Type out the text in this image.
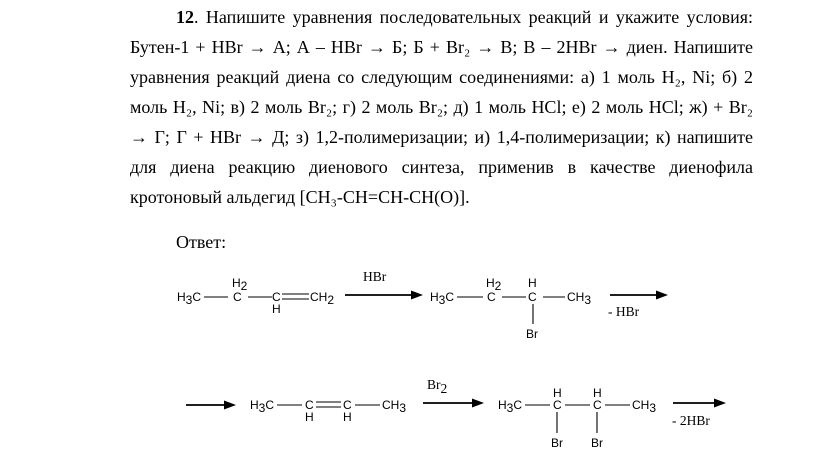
12. Напишите уравнения последовательных реакций и укажите условия: Бутен-1 + HBr → А; А – HBr → Б; Б + Br₂ → В; В – 2HBr → диен. Напишите уравнения реакций диена со следующим соединениями: а) 1 моль H₂, Ni; б) 2 моль H₂, Ni; в) 2 моль Br₂; г) 2 моль Br₂; д) 1 моль HCl; е) 2 моль HCl; ж) + Br₂ → Г; Г + HBr → Д; з) 1,2-полимеризации; и) 1,4-полимеризации; к) напишите для диена реакцию диенового синтеза, применив в качестве диенофила кротоновый альдегид [CH₃-CH=CH-CH(O)].

Ответ:
H3C	C
H2
C
H
CH2
HBr
H3C	C
H2
C
H
CH3
Br
- HBr
H3C	C
H
C
H
CH3
Br2
H3C	C
H
C
H
CH3
Br Br
- 2HBr
